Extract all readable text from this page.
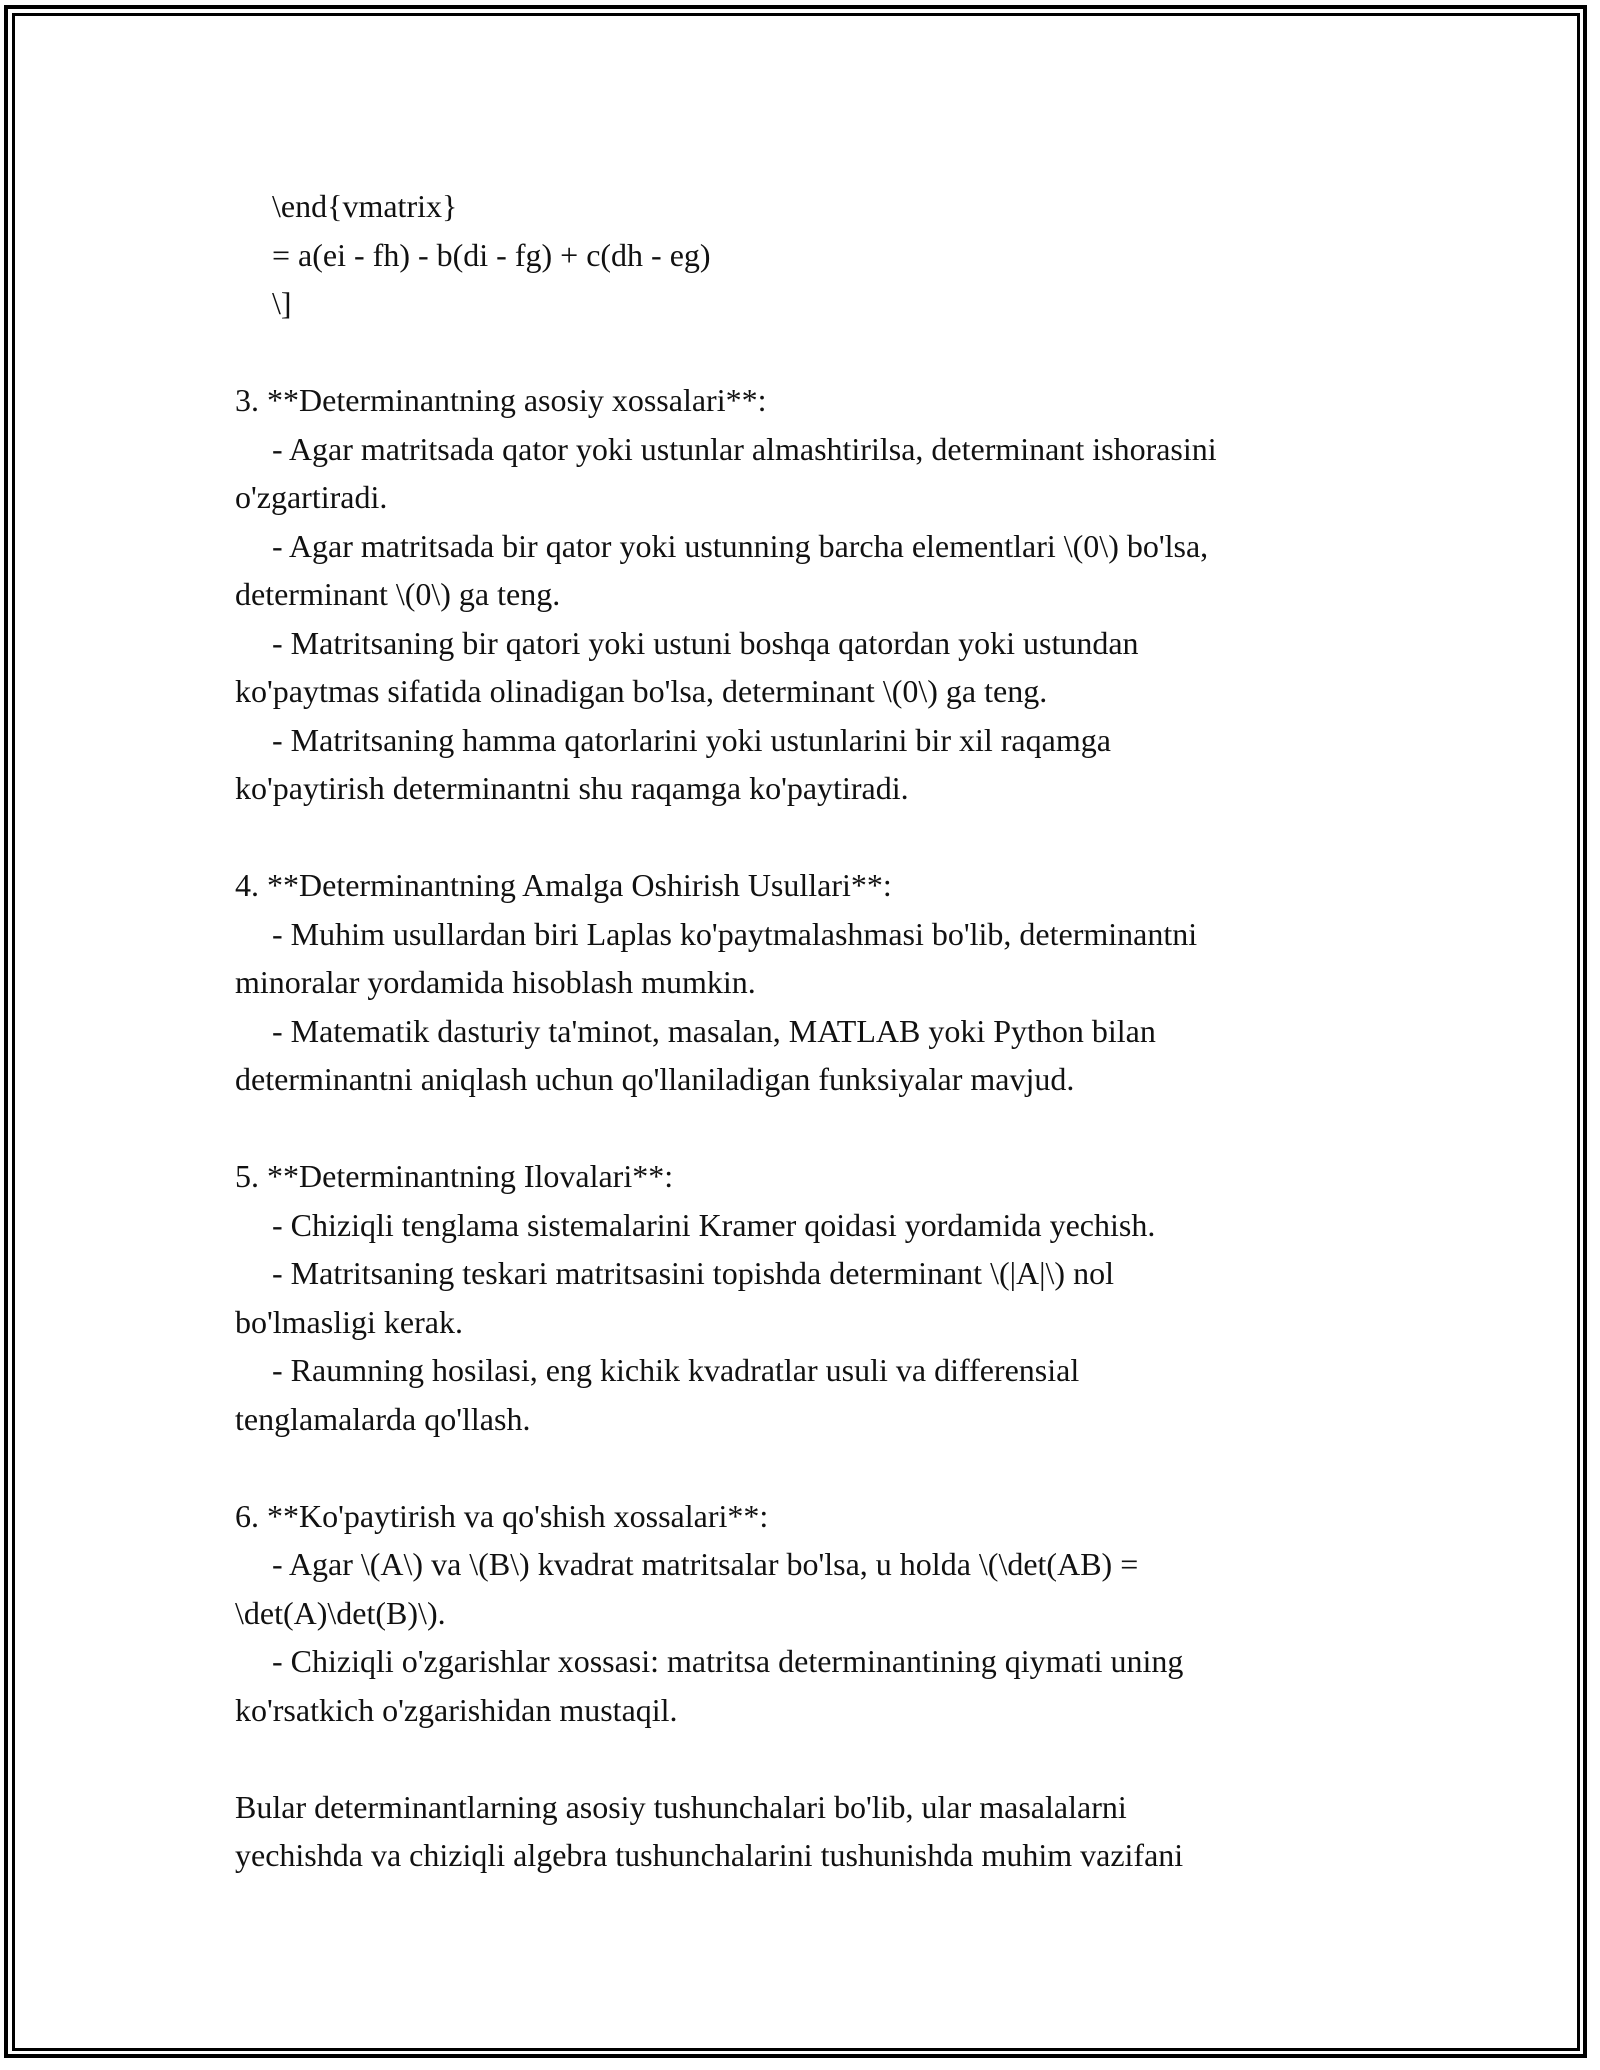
\end{vmatrix}
= a(ei - fh) - b(di - fg) + c(dh - eg)
\]
3. **Determinantning asosiy xossalari**:
- Agar matritsada qator yoki ustunlar almashtirilsa, determinant ishorasini
o'zgartiradi.
- Agar matritsada bir qator yoki ustunning barcha elementlari \(0\) bo'lsa,
determinant \(0\) ga teng.
- Matritsaning bir qatori yoki ustuni boshqa qatordan yoki ustundan
ko'paytmas sifatida olinadigan bo'lsa, determinant \(0\) ga teng.
- Matritsaning hamma qatorlarini yoki ustunlarini bir xil raqamga
ko'paytirish determinantni shu raqamga ko'paytiradi.
4. **Determinantning Amalga Oshirish Usullari**:
- Muhim usullardan biri Laplas ko'paytmalashmasi bo'lib, determinantni
minoralar yordamida hisoblash mumkin.
- Matematik dasturiy ta'minot, masalan, MATLAB yoki Python bilan
determinantni aniqlash uchun qo'llaniladigan funksiyalar mavjud.
5. **Determinantning Ilovalari**:
- Chiziqli tenglama sistemalarini Kramer qoidasi yordamida yechish.
- Matritsaning teskari matritsasini topishda determinant \(|A|\) nol
bo'lmasligi kerak.
- Raumning hosilasi, eng kichik kvadratlar usuli va differensial
tenglamalarda qo'llash.
6. **Ko'paytirish va qo'shish xossalari**:
- Agar \(A\) va \(B\) kvadrat matritsalar bo'lsa, u holda \(\det(AB) =
\det(A)\det(B)\).
- Chiziqli o'zgarishlar xossasi: matritsa determinantining qiymati uning
ko'rsatkich o'zgarishidan mustaqil.
Bular determinantlarning asosiy tushunchalari bo'lib, ular masalalarni
yechishda va chiziqli algebra tushunchalarini tushunishda muhim vazifani
